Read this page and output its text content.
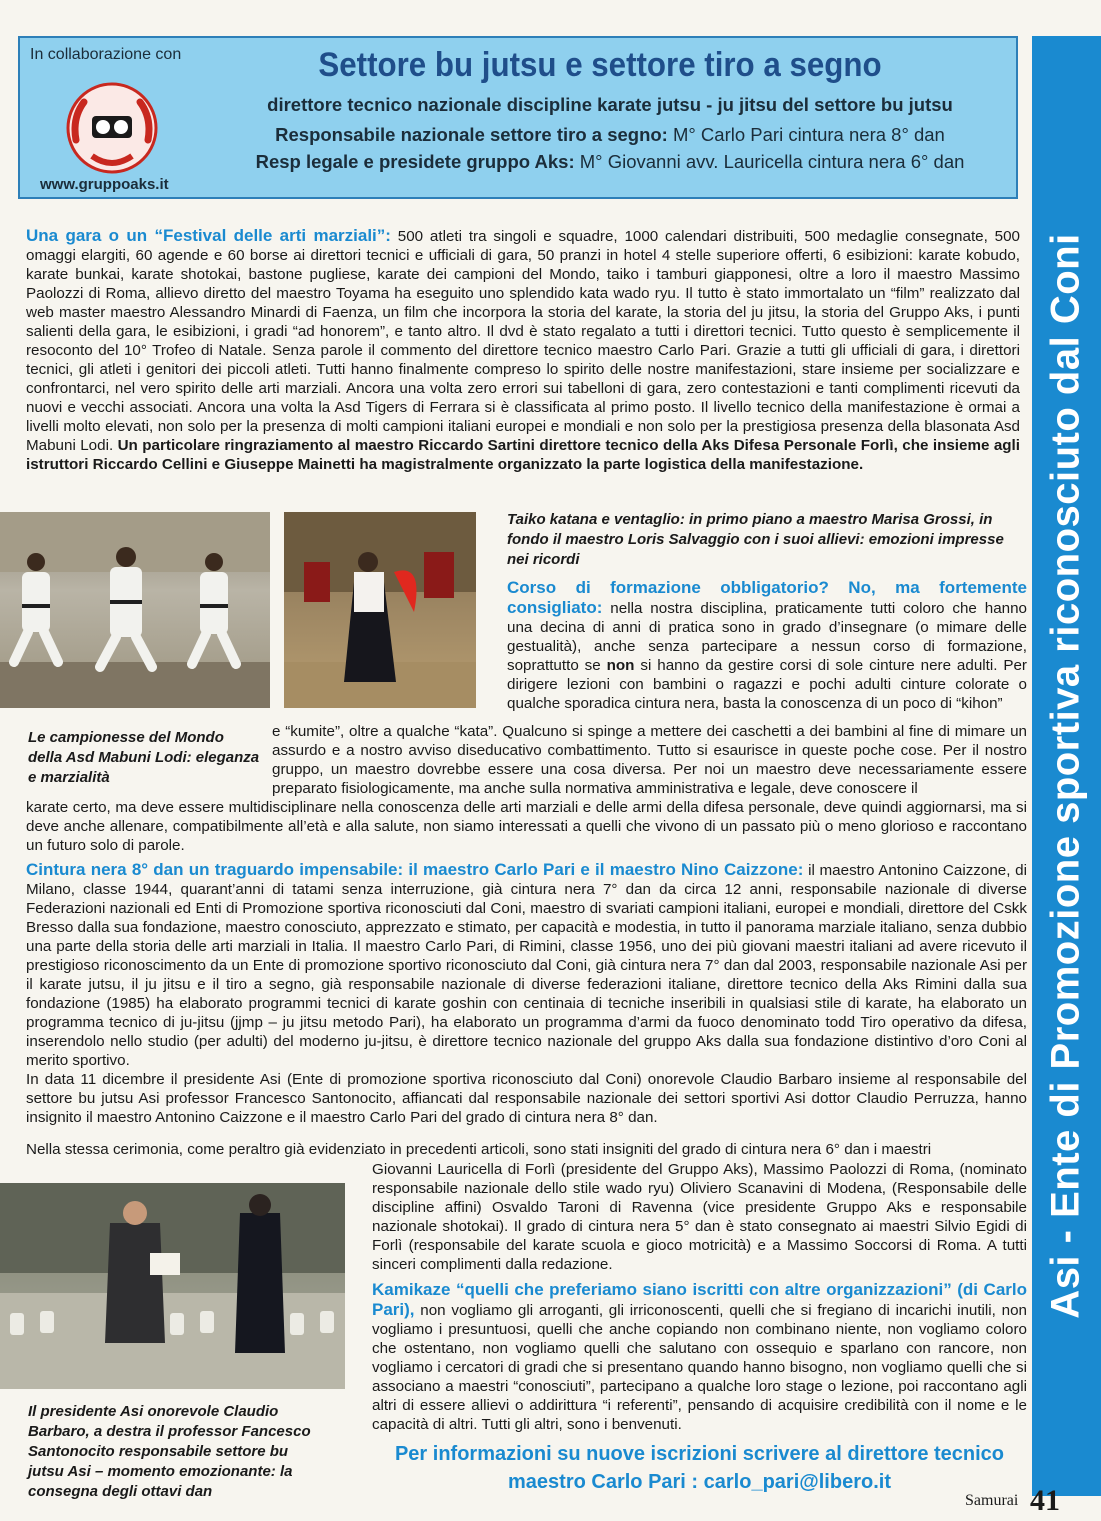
In collaborazione con
www.gruppoaks.it
Settore bu jutsu e settore tiro a segno
direttore tecnico nazionale discipline karate jutsu - ju jitsu del settore bu jutsu
Responsabile nazionale settore tiro a segno: M° Carlo Pari cintura nera 8° dan
Resp legale e presidete gruppo Aks: M° Giovanni avv. Lauricella cintura nera 6° dan
Asi - Ente di Promozione sportiva riconosciuto dal Coni
Una gara o un “Festival delle arti marziali”: 500 atleti tra singoli e squadre, 1000 calendari distribuiti, 500 medaglie consegnate, 500 omaggi elargiti, 60 agende e 60 borse ai direttori tecnici e ufficiali di gara, 50 pranzi in hotel 4 stelle superiore offerti, 6 esibizioni: karate kobudo, karate bunkai, karate shotokai, bastone pugliese, karate dei campioni del Mondo, taiko i tamburi giapponesi, oltre a loro il maestro Massimo Paolozzi di Roma, allievo diretto del maestro Toyama ha eseguito uno splendido kata wado ryu. Il tutto è stato immortalato un “film” realizzato dal web master maestro Alessandro Minardi di Faenza, un film che incorpora la storia del karate, la storia del ju jitsu, la storia del Gruppo Aks, i punti salienti della gara, le esibizioni, i gradi “ad honorem”, e tanto altro. Il dvd è stato regalato a tutti i direttori tecnici. Tutto questo è semplicemente il resoconto del 10° Trofeo di Natale. Senza parole il commento del direttore tecnico maestro Carlo Pari. Grazie a tutti gli ufficiali di gara, i direttori tecnici, gli atleti i genitori dei piccoli atleti. Tutti hanno finalmente compreso lo spirito delle nostre manifestazioni, stare insieme per socializzare e confrontarci, nel vero spirito delle arti marziali. Ancora una volta zero errori sui tabelloni di gara, zero contestazioni e tanti complimenti ricevuti da nuovi e vecchi associati. Ancora una volta la Asd Tigers di Ferrara si è classificata al primo posto. Il livello tecnico della manifestazione è ormai a livelli molto elevati, non solo per la presenza di molti campioni italiani europei e mondiali e non solo per la prestigiosa presenza della blasonata Asd Mabuni Lodi. Un particolare ringraziamento al maestro Riccardo Sartini direttore tecnico della Aks Difesa Personale Forlì, che insieme agli istruttori Riccardo Cellini e Giuseppe Mainetti ha magistralmente organizzato la parte logistica della manifestazione.
Taiko katana e ventaglio: in primo piano a maestro Marisa Grossi, in fondo il maestro Loris Salvaggio con i suoi allievi: emozioni impresse nei ricordi
Corso di formazione obbligatorio? No, ma fortemente consigliato: nella nostra disciplina, praticamente tutti coloro che hanno una decina di anni di pratica sono in grado d’insegnare (o mimare delle gestualità), anche senza partecipare a nessun corso di formazione, soprattutto se non si hanno da gestire corsi di sole cinture nere adulti. Per dirigere lezioni con bambini o ragazzi e pochi adulti cinture colorate o qualche sporadica cintura nera, basta la conoscenza di un poco di “kihon”
Le campionesse del Mondo della Asd Mabuni Lodi: eleganza e marzialità
e “kumite”, oltre a qualche “kata”. Qualcuno si spinge a mettere dei caschetti a dei bambini al fine di mimare un assurdo e a nostro avviso diseducativo combattimento. Tutto si esaurisce in queste poche cose. Per il nostro gruppo, un maestro dovrebbe essere una cosa diversa. Per noi un maestro deve necessariamente essere preparato fisiologicamente, ma anche sulla normativa amministrativa e legale, deve conoscere il
karate certo, ma deve essere multidisciplinare nella conoscenza delle arti marziali e delle armi della difesa personale, deve quindi aggiornarsi, ma si deve anche allenare, compatibilmente all’età e alla salute, non siamo interessati a quelli che vivono di un passato più o meno glorioso e raccontano un futuro solo di parole.
Cintura nera 8° dan un traguardo impensabile: il maestro Carlo Pari e il maestro Nino Caizzone: il maestro Antonino Caizzone, di Milano, classe 1944, quarant’anni di tatami senza interruzione, già cintura nera 7° dan da circa 12 anni, responsabile nazionale di diverse Federazioni nazionali ed Enti di Promozione sportiva riconosciuti dal Coni, maestro di svariati campioni italiani, europei e mondiali, direttore del Cskk Bresso dalla sua fondazione, maestro conosciuto, apprezzato e stimato, per capacità e modestia, in tutto il panorama marziale italiano, senza dubbio una parte della storia delle arti marziali in Italia. Il maestro Carlo Pari, di Rimini, classe 1956, uno dei più giovani maestri italiani ad avere ricevuto il prestigioso riconoscimento da un Ente di promozione sportivo riconosciuto dal Coni, già cintura nera 7° dan dal 2003, responsabile nazionale Asi per il karate jutsu, il ju jitsu e il tiro a segno, già responsabile nazionale di diverse federazioni italiane, direttore tecnico della Aks Rimini dalla sua fondazione (1985) ha elaborato programmi tecnici di karate goshin con centinaia di tecniche inseribili in qualsiasi stile di karate, ha elaborato un programma tecnico di ju-jitsu (jjmp – ju jitsu metodo Pari), ha elaborato un programma d’armi da fuoco denominato todd Tiro operativo da difesa, inserendolo nello studio (per adulti) del moderno ju-jitsu, è direttore tecnico nazionale del gruppo Aks dalla sua fondazione distintivo d’oro Coni al merito sportivo.
In data 11 dicembre il presidente Asi (Ente di promozione sportiva riconosciuto dal Coni) onorevole Claudio Barbaro insieme al responsabile del settore bu jutsu Asi professor Francesco Santonocito, affiancati dal responsabile nazionale dei settori sportivi Asi dottor Claudio Perruzza, hanno insignito il maestro Antonino Caizzone e il maestro Carlo Pari del grado di cintura nera 8° dan.
Nella stessa cerimonia, come peraltro già evidenziato in precedenti articoli, sono stati insigniti del grado di cintura nera 6° dan i maestri
Giovanni Lauricella di Forlì (presidente del Gruppo Aks), Massimo Paolozzi di Roma, (nominato responsabile nazionale dello stile wado ryu) Oliviero Scanavini di Modena, (Responsabile delle discipline affini) Osvaldo Taroni di Ravenna (vice presidente Gruppo Aks e responsabile nazionale shotokai). Il grado di cintura nera 5° dan è stato consegnato ai maestri Silvio Egidi di Forlì (responsabile del karate scuola e gioco motricità) e a Massimo Soccorsi di Roma. A tutti sinceri complimenti dalla redazione.
Kamikaze “quelli che preferiamo siano iscritti con altre organizzazioni” (di Carlo Pari), non vogliamo gli arroganti, gli irriconoscenti, quelli che si fregiano di incarichi inutili, non vogliamo i presuntuosi, quelli che anche copiando non combinano niente, non vogliamo coloro che ostentano, non vogliamo quelli che salutano con ossequio e sparlano con rancore, non vogliamo i cercatori di gradi che si presentano quando hanno bisogno, non vogliamo quelli che si associano a maestri “conosciuti”, partecipano a qualche loro stage o lezione, poi raccontano agli altri di essere allievi o addirittura “i referenti”, pensando di acquisire credibilità con il nome e le capacità di altri. Tutti gli altri, sono i benvenuti.
Il presidente Asi onorevole Claudio Barbaro, a destra il professor Fancesco Santonocito responsabile settore bu jutsu Asi – momento emozionante: la consegna degli ottavi dan
Per informazioni su nuove iscrizioni scrivere al direttore tecnico
maestro Carlo Pari : carlo_pari@libero.it
Samurai 41
